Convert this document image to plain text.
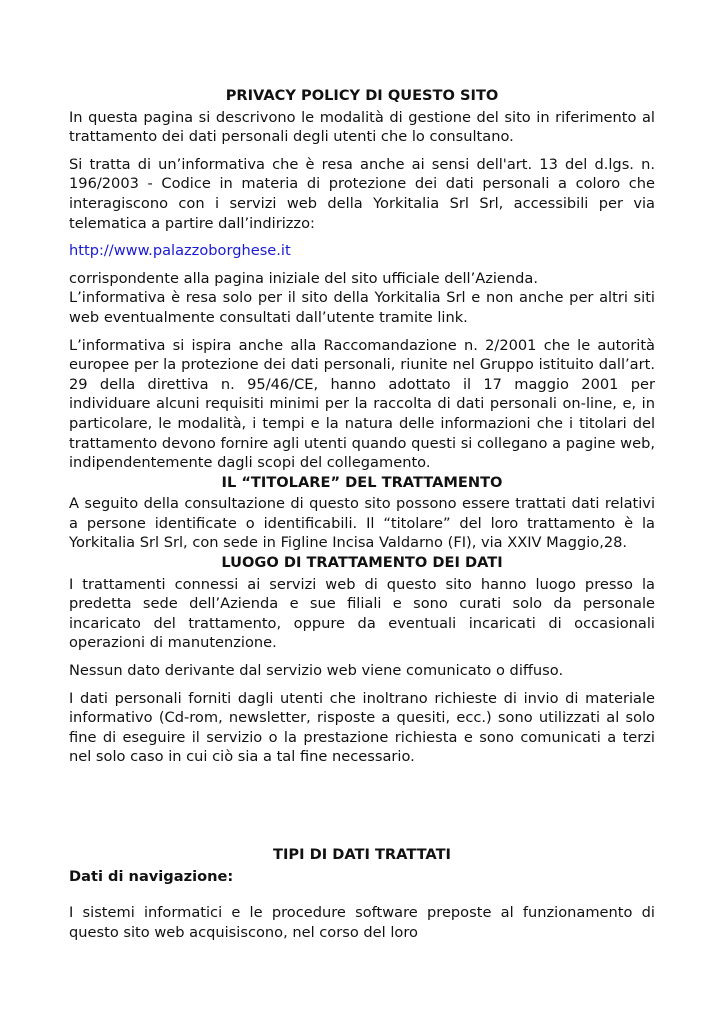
PRIVACY POLICY DI QUESTO SITO

In questa pagina si descrivono le modalità di gestione del sito in riferimento al trattamento dei dati personali degli utenti che lo consultano.

Si tratta di un’informativa che è resa anche ai sensi dell'art. 13 del d.lgs. n. 196/2003 - Codice in materia di protezione dei dati personali a coloro che interagiscono con i servizi web della Yorkitalia Srl Srl, accessibili per via telematica a partire dall’indirizzo:

http://www.palazzoborghese.it

corrispondente alla pagina iniziale del sito ufficiale dell’Azienda.

L’informativa è resa solo per il sito della Yorkitalia Srl e non anche per altri siti web eventualmente consultati dall’utente tramite link.

L’informativa si ispira anche alla Raccomandazione n. 2/2001 che le autorità europee per la protezione dei dati personali, riunite nel Gruppo istituito dall’art. 29 della direttiva n. 95/46/CE, hanno adottato il 17 maggio 2001 per individuare alcuni requisiti minimi per la raccolta di dati personali on-line, e, in particolare, le modalità, i tempi e la natura delle informazioni che i titolari del trattamento devono fornire agli utenti quando questi si collegano a pagine web, indipendentemente dagli scopi del collegamento.

IL “TITOLARE” DEL TRATTAMENTO

A seguito della consultazione di questo sito possono essere trattati dati relativi a persone identificate o identificabili. Il “titolare” del loro trattamento è la Yorkitalia Srl Srl, con sede in Figline Incisa Valdarno (FI), via XXIV Maggio,28.

LUOGO DI TRATTAMENTO DEI DATI

I trattamenti connessi ai servizi web di questo sito hanno luogo presso la predetta sede dell’Azienda e sue filiali e sono curati solo da personale incaricato del trattamento, oppure da eventuali incaricati di occasionali operazioni di manutenzione.

Nessun dato derivante dal servizio web viene comunicato o diffuso.

I dati personali forniti dagli utenti che inoltrano richieste di invio di materiale informativo (Cd-rom, newsletter, risposte a quesiti, ecc.) sono utilizzati al solo fine di eseguire il servizio o la prestazione richiesta e sono comunicati a terzi nel solo caso in cui ciò sia a tal fine necessario.

TIPI DI DATI TRATTATI

Dati di navigazione:

I sistemi informatici e le procedure software preposte al funzionamento di questo sito web acquisiscono, nel corso del loro
